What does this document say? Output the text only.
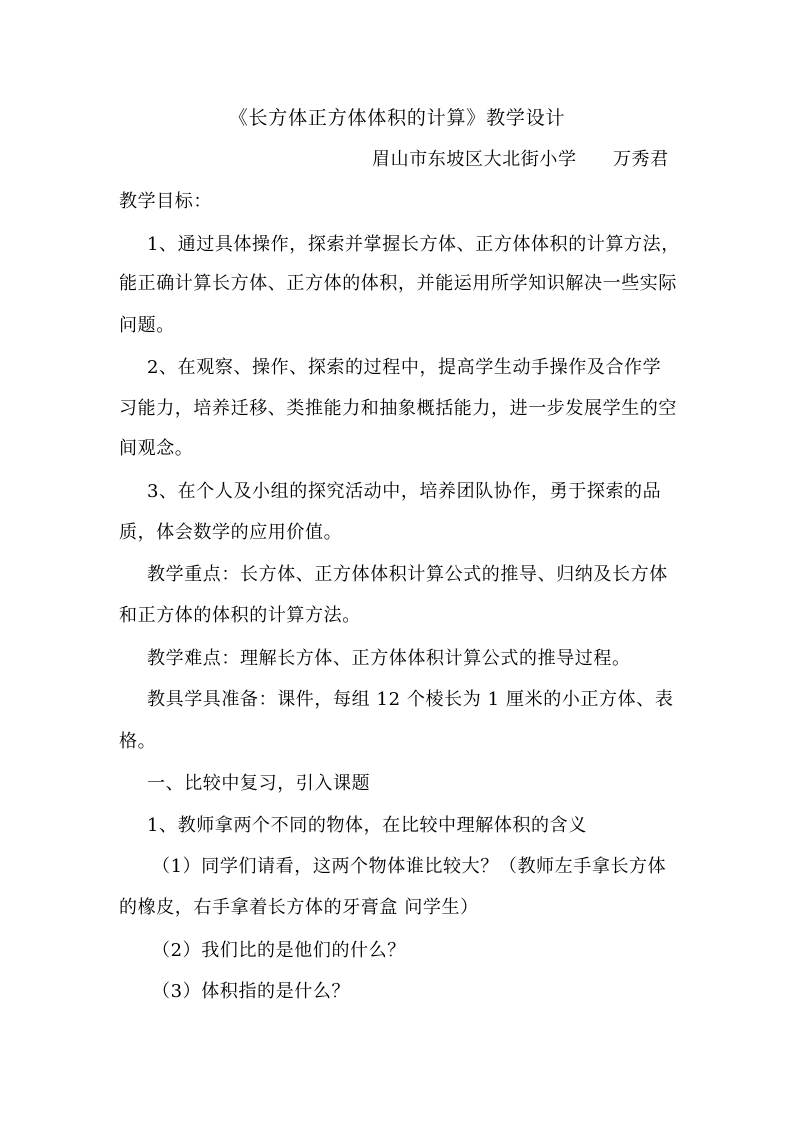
《长方体正方体体积的计算》教学设计
眉山市东坡区大北街小学 万秀君
教学目标：
1、通过具体操作，探索并掌握长方体、正方体体积的计算方法，
能正确计算长方体、正方体的体积，并能运用所学知识解决一些实际
问题。
2、在观察、操作、探索的过程中，提高学生动手操作及合作学
习能力，培养迁移、类推能力和抽象概括能力，进一步发展学生的空
间观念。
3、在个人及小组的探究活动中，培养团队协作，勇于探索的品
质，体会数学的应用价值。
教学重点：长方体、正方体体积计算公式的推导、归纳及长方体
和正方体的体积的计算方法。
教学难点：理解长方体、正方体体积计算公式的推导过程。
教具学具准备：课件，每组 12 个棱长为 1 厘米的小正方体、表
格。
一、比较中复习，引入课题
1、教师拿两个不同的物体，在比较中理解体积的含义
（1）同学们请看，这两个物体谁比较大？（教师左手拿长方体
的橡皮，右手拿着长方体的牙膏盒 问学生）
（2）我们比的是他们的什么？
（3）体积指的是什么？
